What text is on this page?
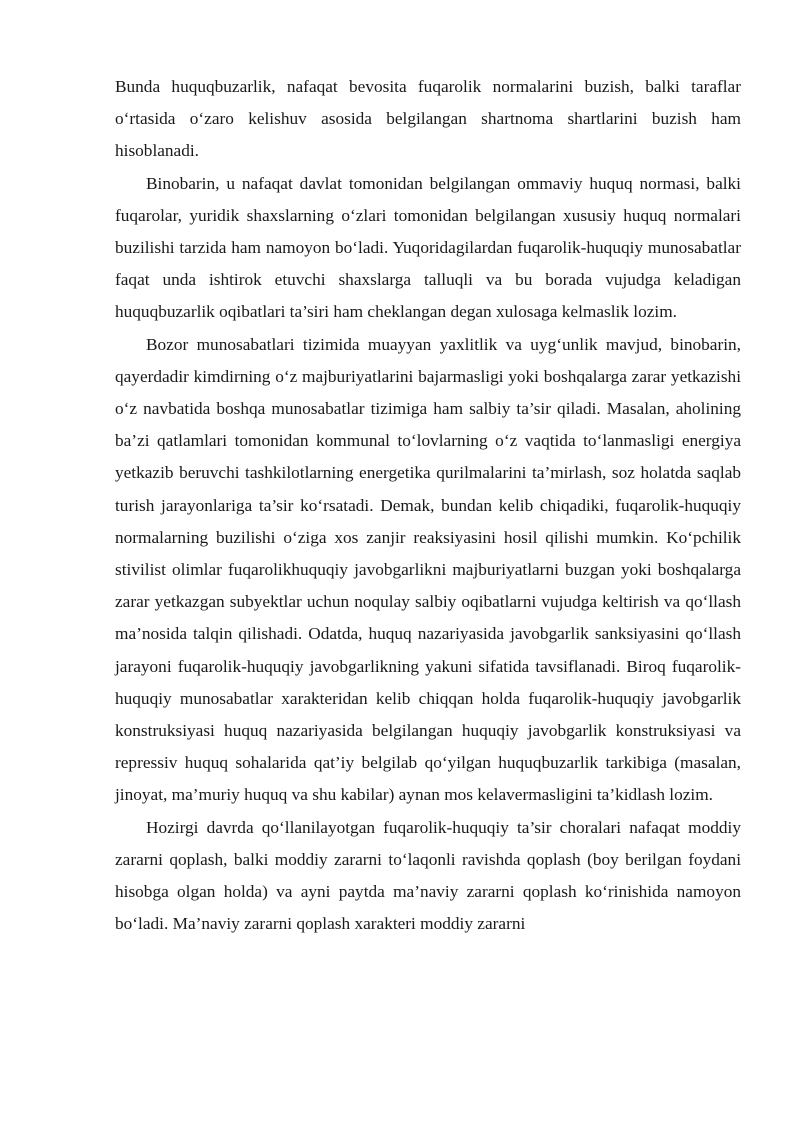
Bunda huquqbuzarlik, nafaqat bevosita fuqarolik normalarini buzish, balki taraflar o‘rtasida o‘zaro kelishuv asosida belgilangan shartnoma shartlarini buzish ham hisoblanadi.

Binobarin, u nafaqat davlat tomonidan belgilangan ommaviy huquq normasi, balki fuqarolar, yuridik shaxslarning o‘zlari tomonidan belgilangan xususiy huquq normalari buzilishi tarzida ham namoyon bo‘ladi. Yuqoridagilardan fuqarolik-huquqiy munosabatlar faqat unda ishtirok etuvchi shaxslarga talluqli va bu borada vujudga keladigan huquqbuzarlik oqibatlari ta’siri ham cheklangan degan xulosaga kelmaslik lozim.

Bozor munosabatlari tizimida muayyan yaxlitlik va uyg‘unlik mavjud, binobarin, qayerdadir kimdirning o‘z majburiyatlarini bajarmasligi yoki boshqalarga zarar yetkazishi o‘z navbatida boshqa munosabatlar tizimiga ham salbiy ta’sir qiladi. Masalan, aholining ba’zi qatlamlari tomonidan kommunal to‘lovlarning o‘z vaqtida to‘lanmasligi energiya yetkazib beruvchi tashkilotlarning energetika qurilmalarini ta’mirlash, soz holatda saqlab turish jarayonlariga ta’sir ko‘rsatadi. Demak, bundan kelib chiqadiki, fuqarolik-huquqiy normalarning buzilishi o‘ziga xos zanjir reaksiyasini hosil qilishi mumkin. Ko‘pchilik stivilist olimlar fuqarolikhuquqiy javobgarlikni majburiyatlarni buzgan yoki boshqalarga zarar yetkazgan subyektlar uchun noqulay salbiy oqibatlarni vujudga keltirish va qo‘llash ma’nosida talqin qilishadi. Odatda, huquq nazariyasida javobgarlik sanksiyasini qo‘llash jarayoni fuqarolik-huquqiy javobgarlikning yakuni sifatida tavsiflanadi. Biroq fuqarolik-huquqiy munosabatlar xarakteridan kelib chiqqan holda fuqarolik-huquqiy javobgarlik konstruksiyasi huquq nazariyasida belgilangan huquqiy javobgarlik konstruksiyasi va repressiv huquq sohalarida qat’iy belgilab qo‘yilgan huquqbuzarlik tarkibiga (masalan, jinoyat, ma’muriy huquq va shu kabilar) aynan mos kelavermasligini ta’kidlash lozim.

Hozirgi davrda qo‘llanilayotgan fuqarolik-huquqiy ta’sir choralari nafaqat moddiy zararni qoplash, balki moddiy zararni to‘laqonli ravishda qoplash (boy berilgan foydani hisobga olgan holda) va ayni paytda ma’naviy zararni qoplash ko‘rinishida namoyon bo‘ladi. Ma’naviy zararni qoplash xarakteri moddiy zararni
